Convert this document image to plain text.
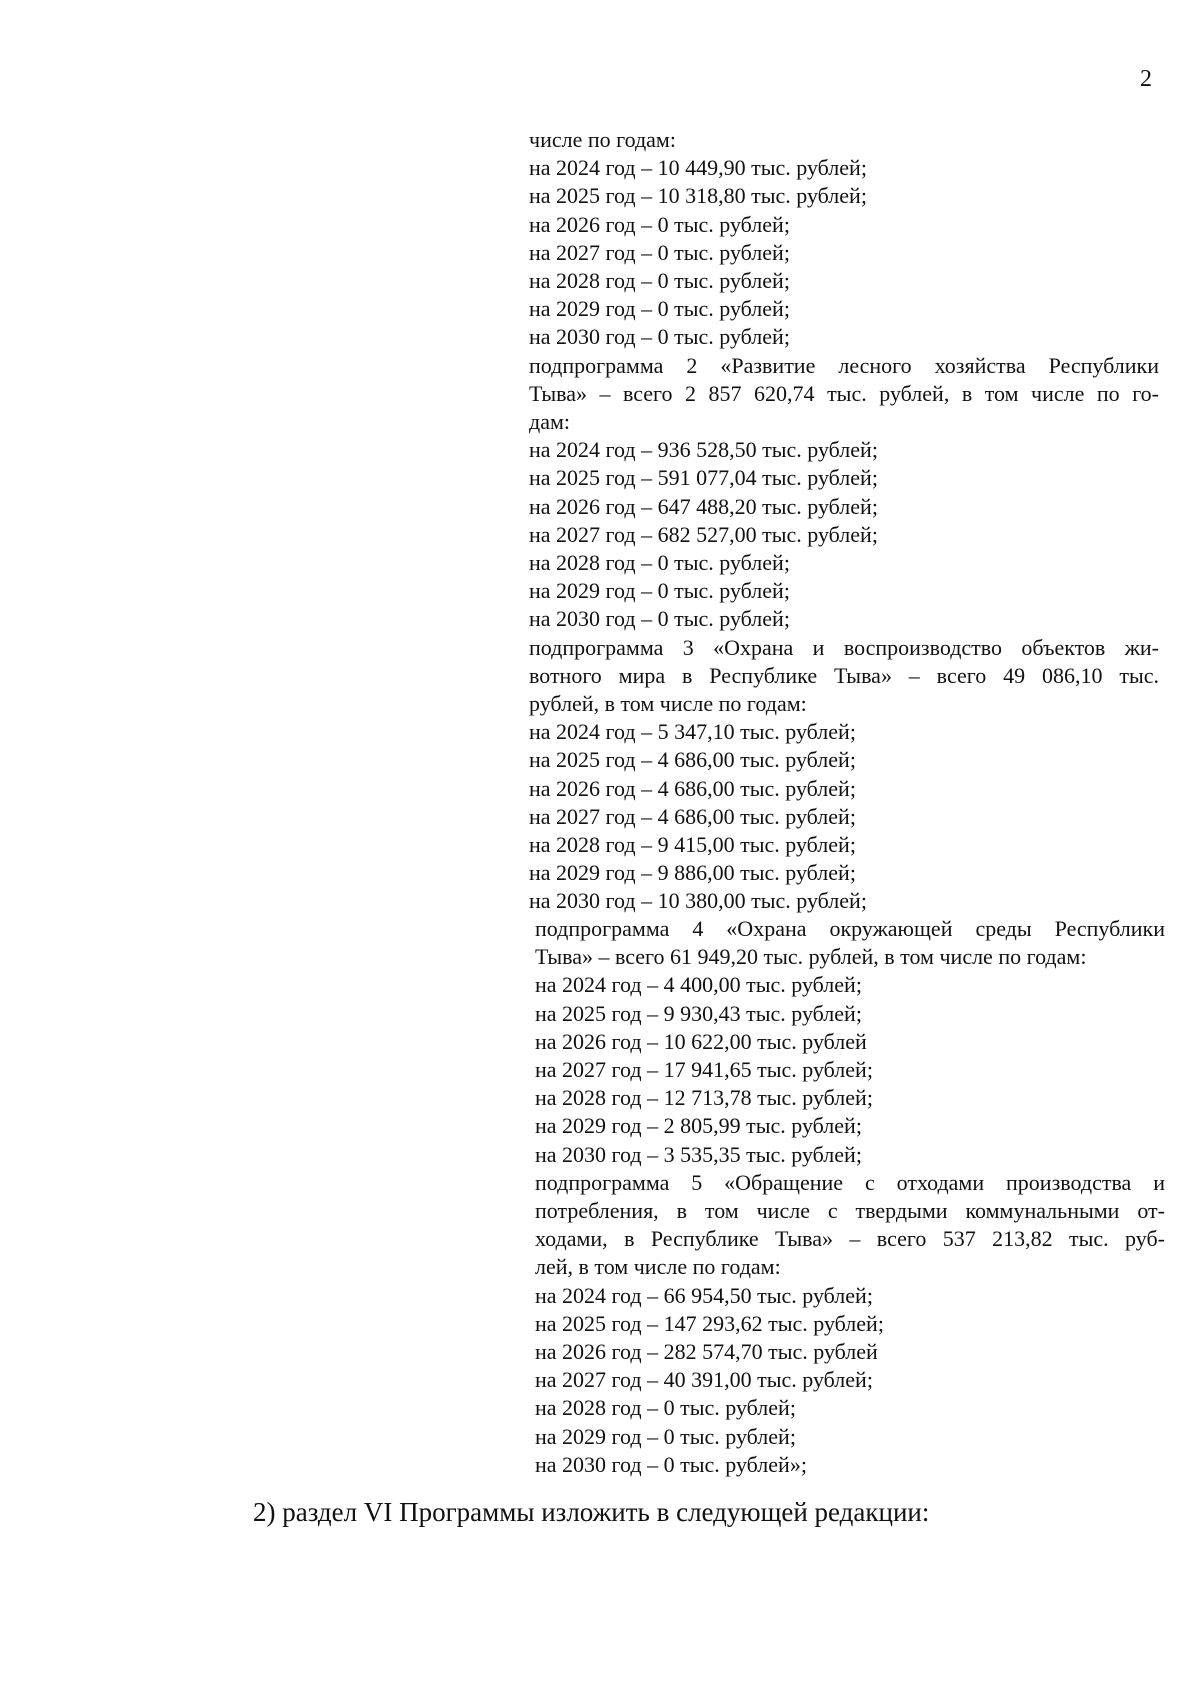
2
числе по годам:
на 2024 год – 10 449,90 тыс. рублей;
на 2025 год – 10 318,80 тыс. рублей;
на 2026 год – 0 тыс. рублей;
на 2027 год – 0 тыс. рублей;
на 2028 год – 0 тыс. рублей;
на 2029 год – 0 тыс. рублей;
на 2030 год – 0 тыс. рублей;
подпрограмма 2 «Развитие лесного хозяйства Республики
Тыва» – всего 2 857 620,74 тыс. рублей, в том числе по го-
дам:
на 2024 год – 936 528,50 тыс. рублей;
на 2025 год – 591 077,04 тыс. рублей;
на 2026 год – 647 488,20 тыс. рублей;
на 2027 год – 682 527,00 тыс. рублей;
на 2028 год – 0 тыс. рублей;
на 2029 год – 0 тыс. рублей;
на 2030 год – 0 тыс. рублей;
подпрограмма 3 «Охрана и воспроизводство объектов жи-
вотного мира в Республике Тыва» – всего 49 086,10 тыс.
рублей, в том числе по годам:
на 2024 год – 5 347,10 тыс. рублей;
на 2025 год – 4 686,00 тыс. рублей;
на 2026 год – 4 686,00 тыс. рублей;
на 2027 год – 4 686,00 тыс. рублей;
на 2028 год – 9 415,00 тыс. рублей;
на 2029 год – 9 886,00 тыс. рублей;
на 2030 год – 10 380,00 тыс. рублей;
подпрограмма 4 «Охрана окружающей среды Республики
Тыва» – всего 61 949,20 тыс. рублей, в том числе по годам:
на 2024 год – 4 400,00 тыс. рублей;
на 2025 год – 9 930,43 тыс. рублей;
на 2026 год – 10 622,00 тыс. рублей
на 2027 год – 17 941,65 тыс. рублей;
на 2028 год – 12 713,78 тыс. рублей;
на 2029 год – 2 805,99 тыс. рублей;
на 2030 год – 3 535,35 тыс. рублей;
подпрограмма 5 «Обращение с отходами производства и
потребления, в том числе с твердыми коммунальными от-
ходами, в Республике Тыва» – всего 537 213,82 тыс. руб-
лей, в том числе по годам:
на 2024 год – 66 954,50 тыс. рублей;
на 2025 год – 147 293,62 тыс. рублей;
на 2026 год – 282 574,70 тыс. рублей
на 2027 год – 40 391,00 тыс. рублей;
на 2028 год – 0 тыс. рублей;
на 2029 год – 0 тыс. рублей;
на 2030 год – 0 тыс. рублей»;
2) раздел VI Программы изложить в следующей редакции:
